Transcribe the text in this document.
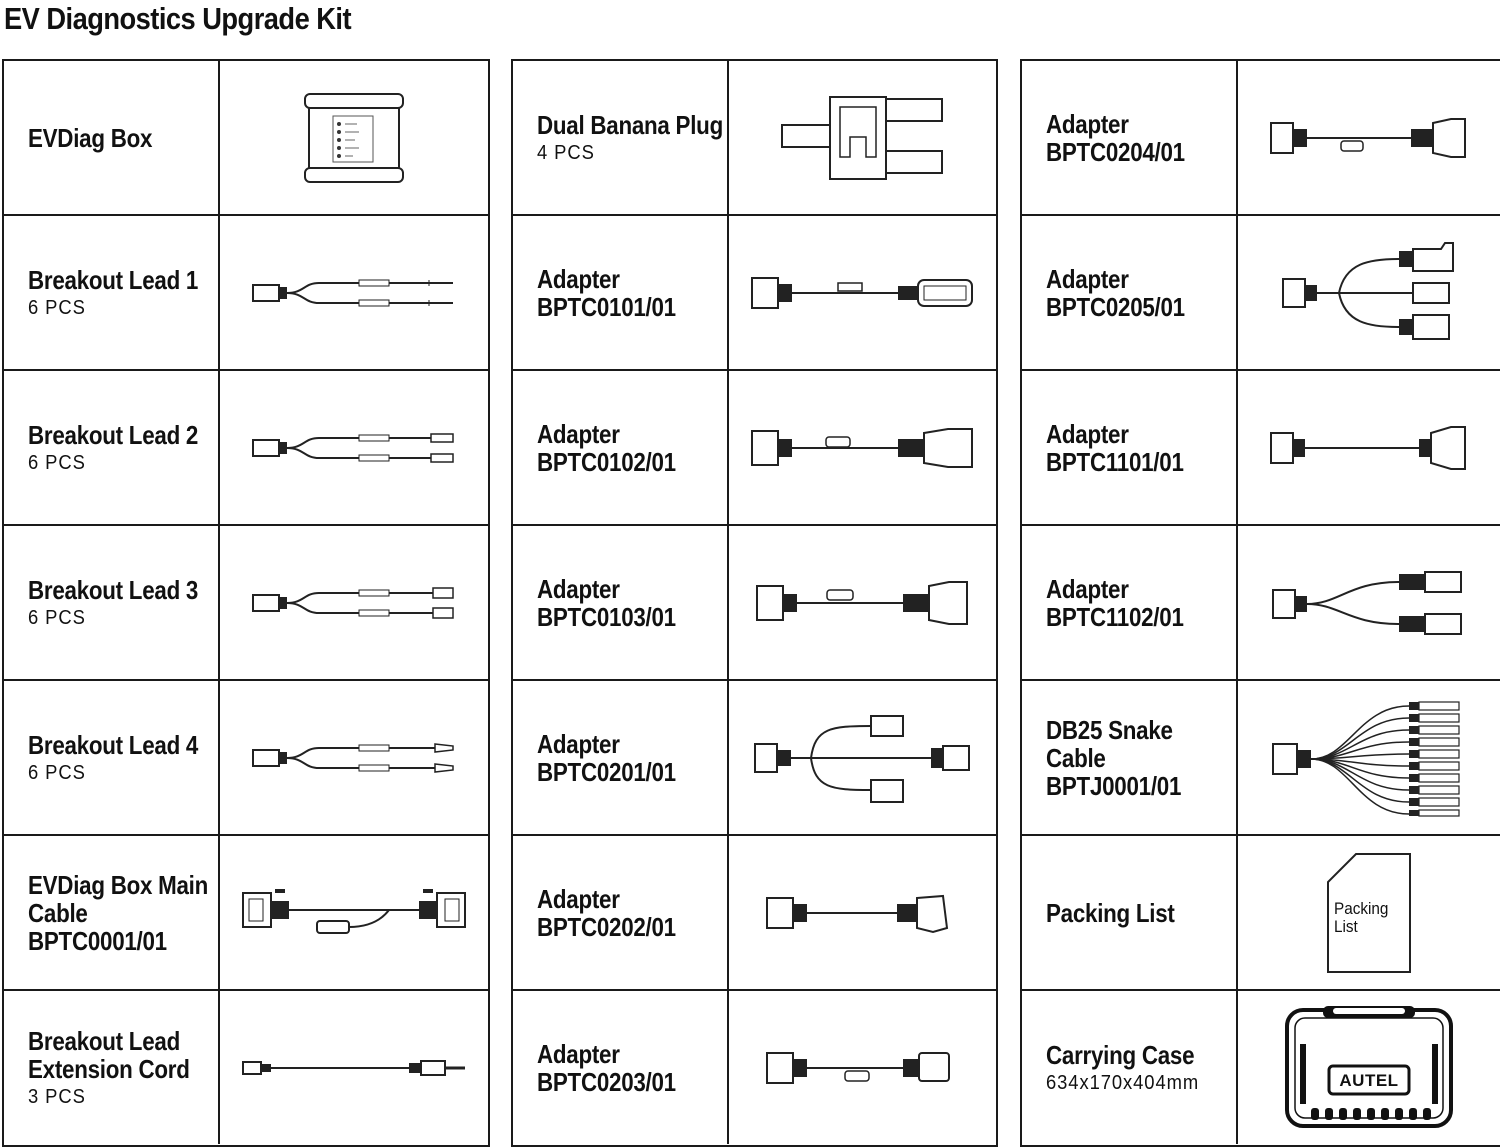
EV Diagnostics Upgrade Kit
EVDiag Box
Breakout Lead 1
6 PCS
Breakout Lead 2
6 PCS
Breakout Lead 3
6 PCS
Breakout Lead 4
6 PCS
EVDiag Box Main
Cable
BPTC0001/01
Breakout Lead
Extension Cord
3 PCS
Dual Banana Plug
4 PCS
Adapter
BPTC0101/01
Adapter
BPTC0102/01
Adapter
BPTC0103/01
Adapter
BPTC0201/01
Adapter
BPTC0202/01
Adapter
BPTC0203/01
Adapter
BPTC0204/01
Adapter
BPTC0205/01
Adapter
BPTC1101/01
Adapter
BPTC1102/01
DB25 Snake
Cable
BPTJ0001/01
Packing List	Packing
List
Carrying Case
634x170x404mm	AUTEL
